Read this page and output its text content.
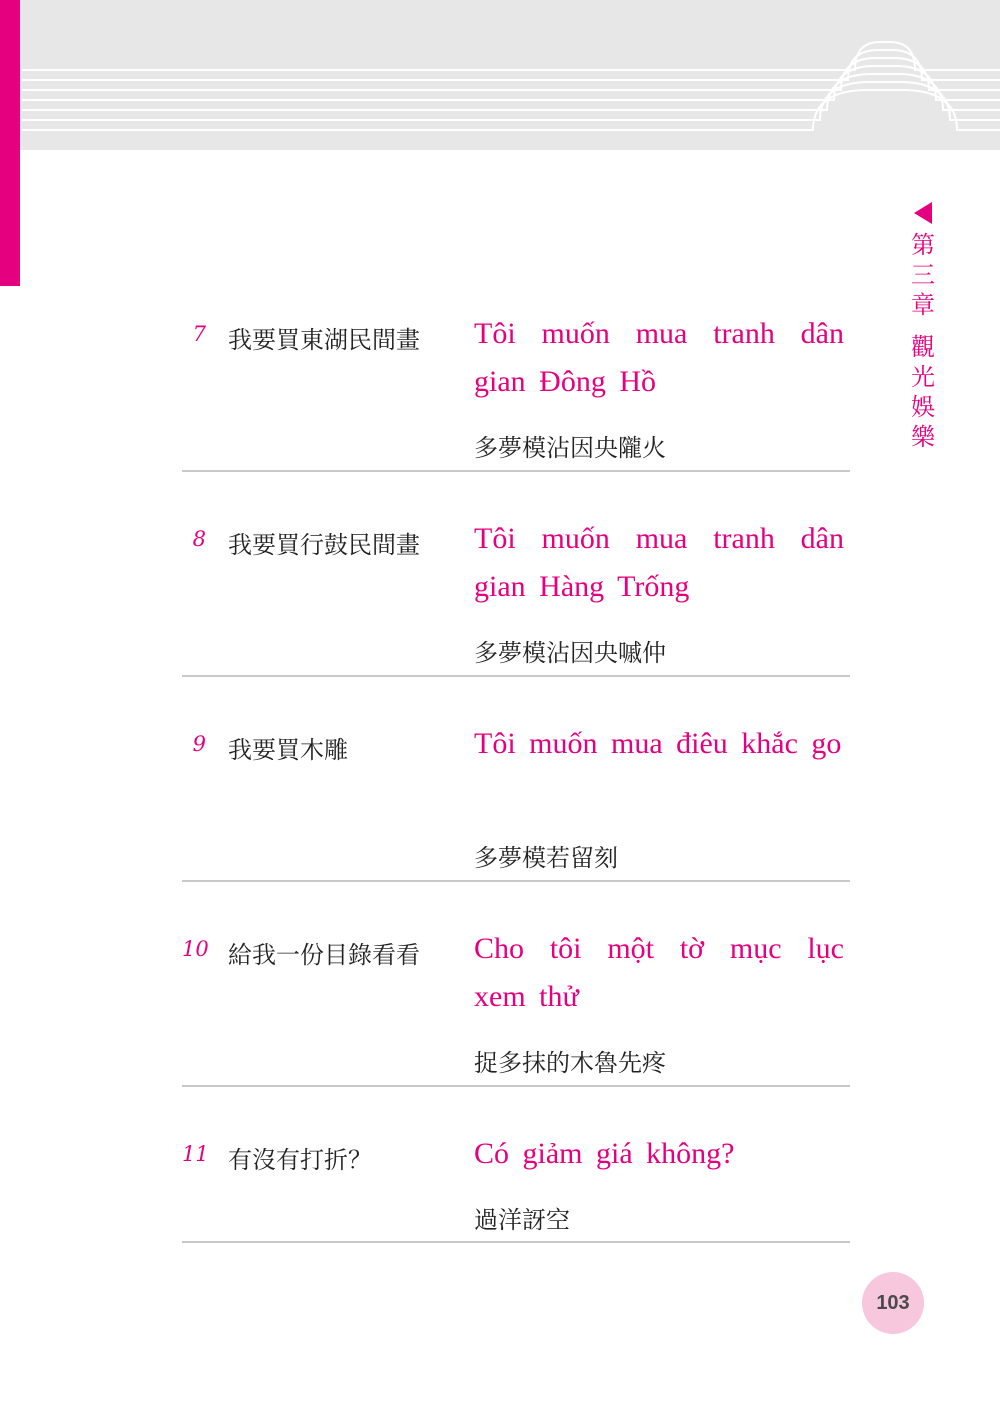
第
三
章
觀
光
娛
樂
7 我要買東湖民間畫 Tôi muốn mua tranh dân gian Đông Hồ
多夢模沾因央隴火
8 我要買行鼓民間畫 Tôi muốn mua tranh dân gian Hàng Trống
多夢模沾因央嘁仲
9 我要買木雕	Tôi muốn mua điêu khắc go
多夢模若留刻
10 給我一份目錄看看 Cho tôi một tờ mục lục xem thử
捉多抹的木魯先疼
11 有沒有打折？	Có giảm giá không?
過洋訝空
103
